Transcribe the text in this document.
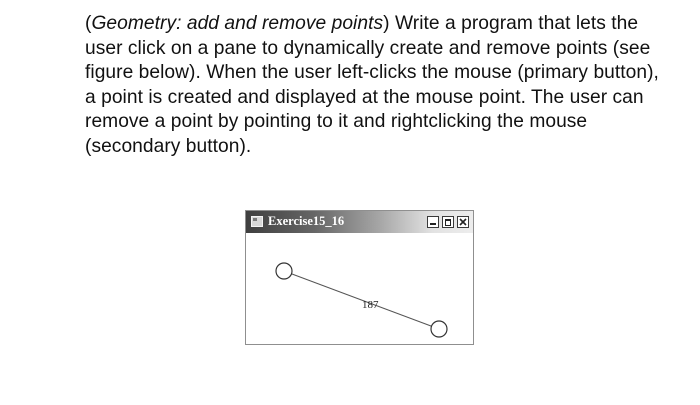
(Geometry: add and remove points) Write a program that lets the user click on a pane to dynamically create and remove points (see figure below). When the user left-clicks the mouse (primary button), a point is created and displayed at the mouse point. The user can remove a point by pointing to it and rightclicking the mouse (secondary button).

Exercise15_16
187
